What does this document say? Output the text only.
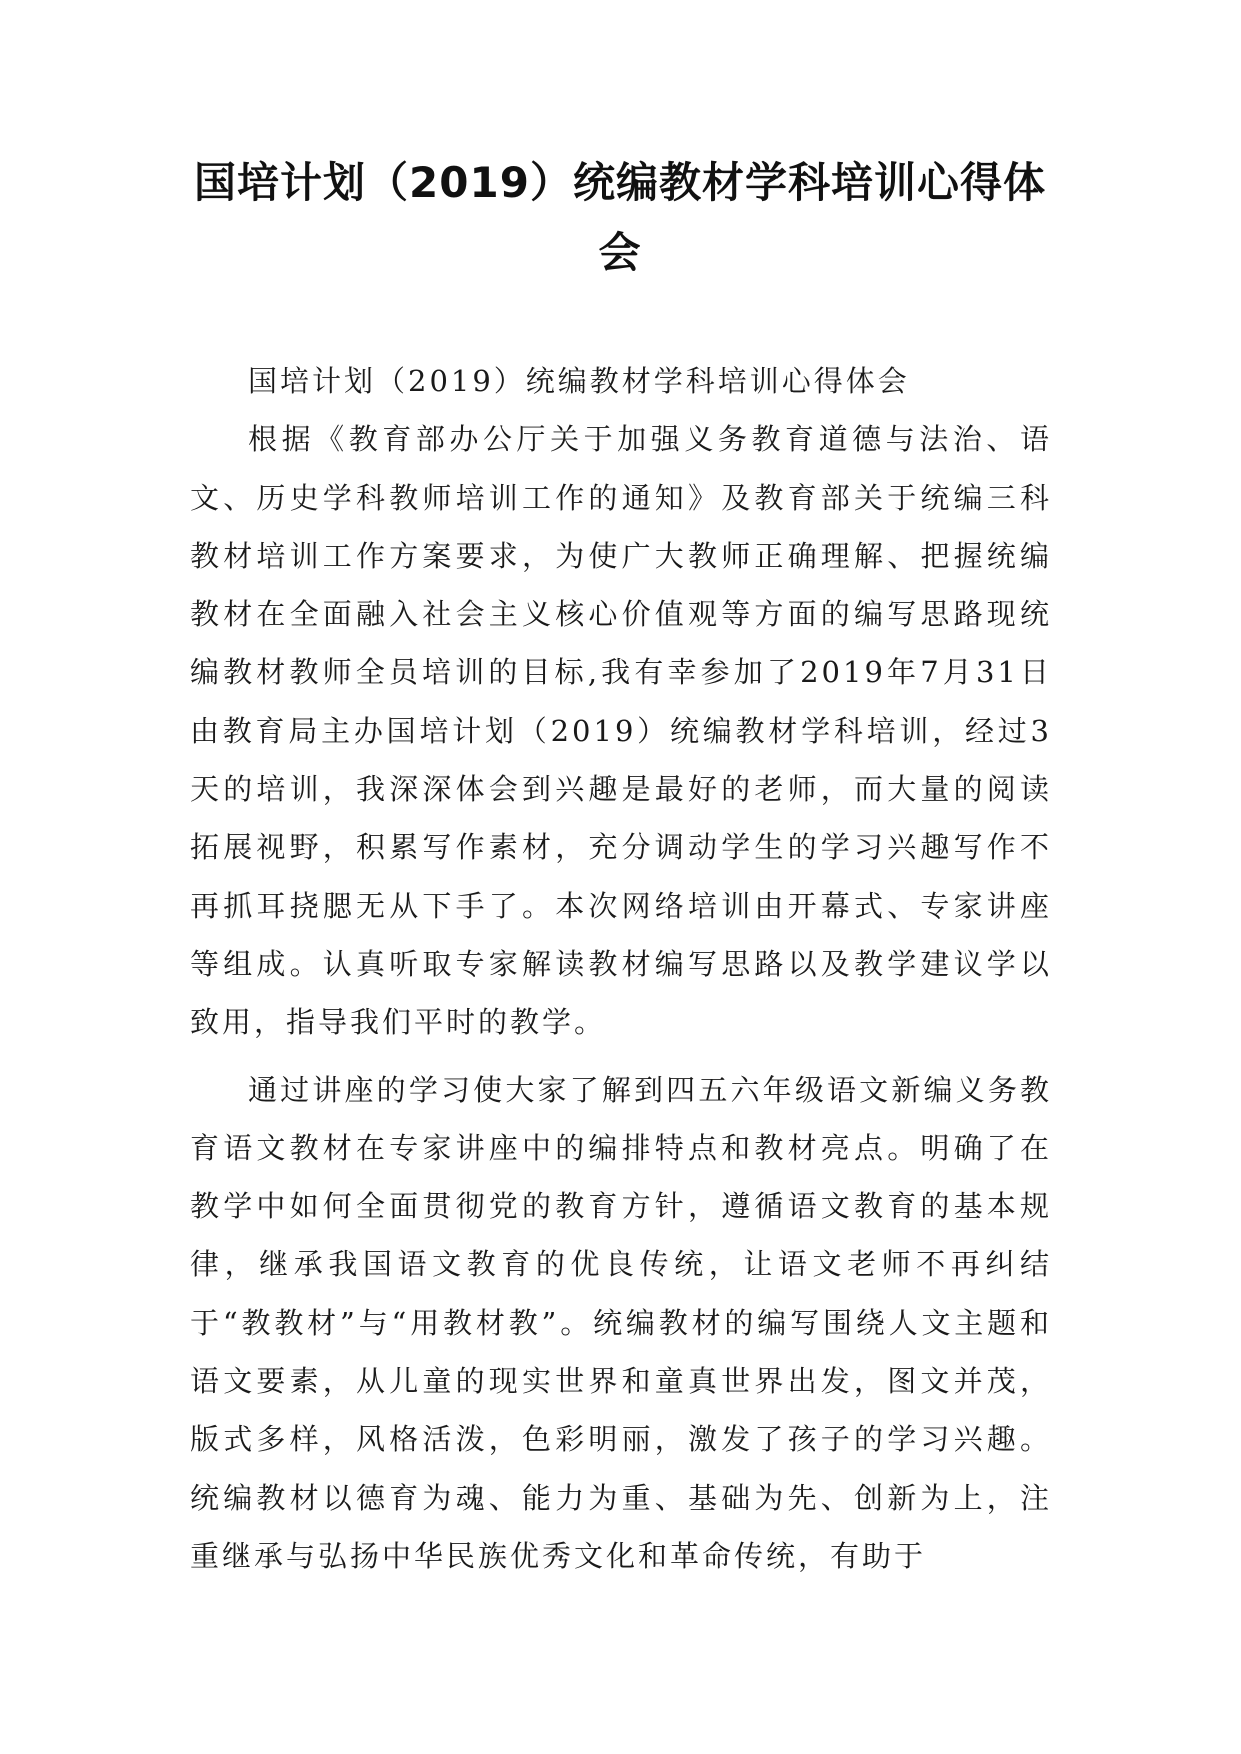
国培计划（2019）统编教材学科培训心得体会

国培计划（2019）统编教材学科培训心得体会

根据《教育部办公厅关于加强义务教育道德与法治、语文、历史学科教师培训工作的通知》及教育部关于统编三科教材培训工作方案要求，为使广大教师正确理解、把握统编教材在全面融入社会主义核心价值观等方面的编写思路现统编教材教师全员培训的目标,我有幸参加了2019年7月31日由教育局主办国培计划（2019）统编教材学科培训，经过3天的培训，我深深体会到兴趣是最好的老师，而大量的阅读拓展视野，积累写作素材，充分调动学生的学习兴趣写作不再抓耳挠腮无从下手了。本次网络培训由开幕式、专家讲座等组成。认真听取专家解读教材编写思路以及教学建议学以致用，指导我们平时的教学。

通过讲座的学习使大家了解到四五六年级语文新编义务教育语文教材在专家讲座中的编排特点和教材亮点。明确了在教学中如何全面贯彻党的教育方针，遵循语文教育的基本规律，继承我国语文教育的优良传统，让语文老师不再纠结于“教教材”与“用教材教”。统编教材的编写围绕人文主题和语文要素，从儿童的现实世界和童真世界出发，图文并茂，版式多样，风格活泼，色彩明丽，激发了孩子的学习兴趣。统编教材以德育为魂、能力为重、基础为先、创新为上，注重继承与弘扬中华民族优秀文化和革命传统，有助于
